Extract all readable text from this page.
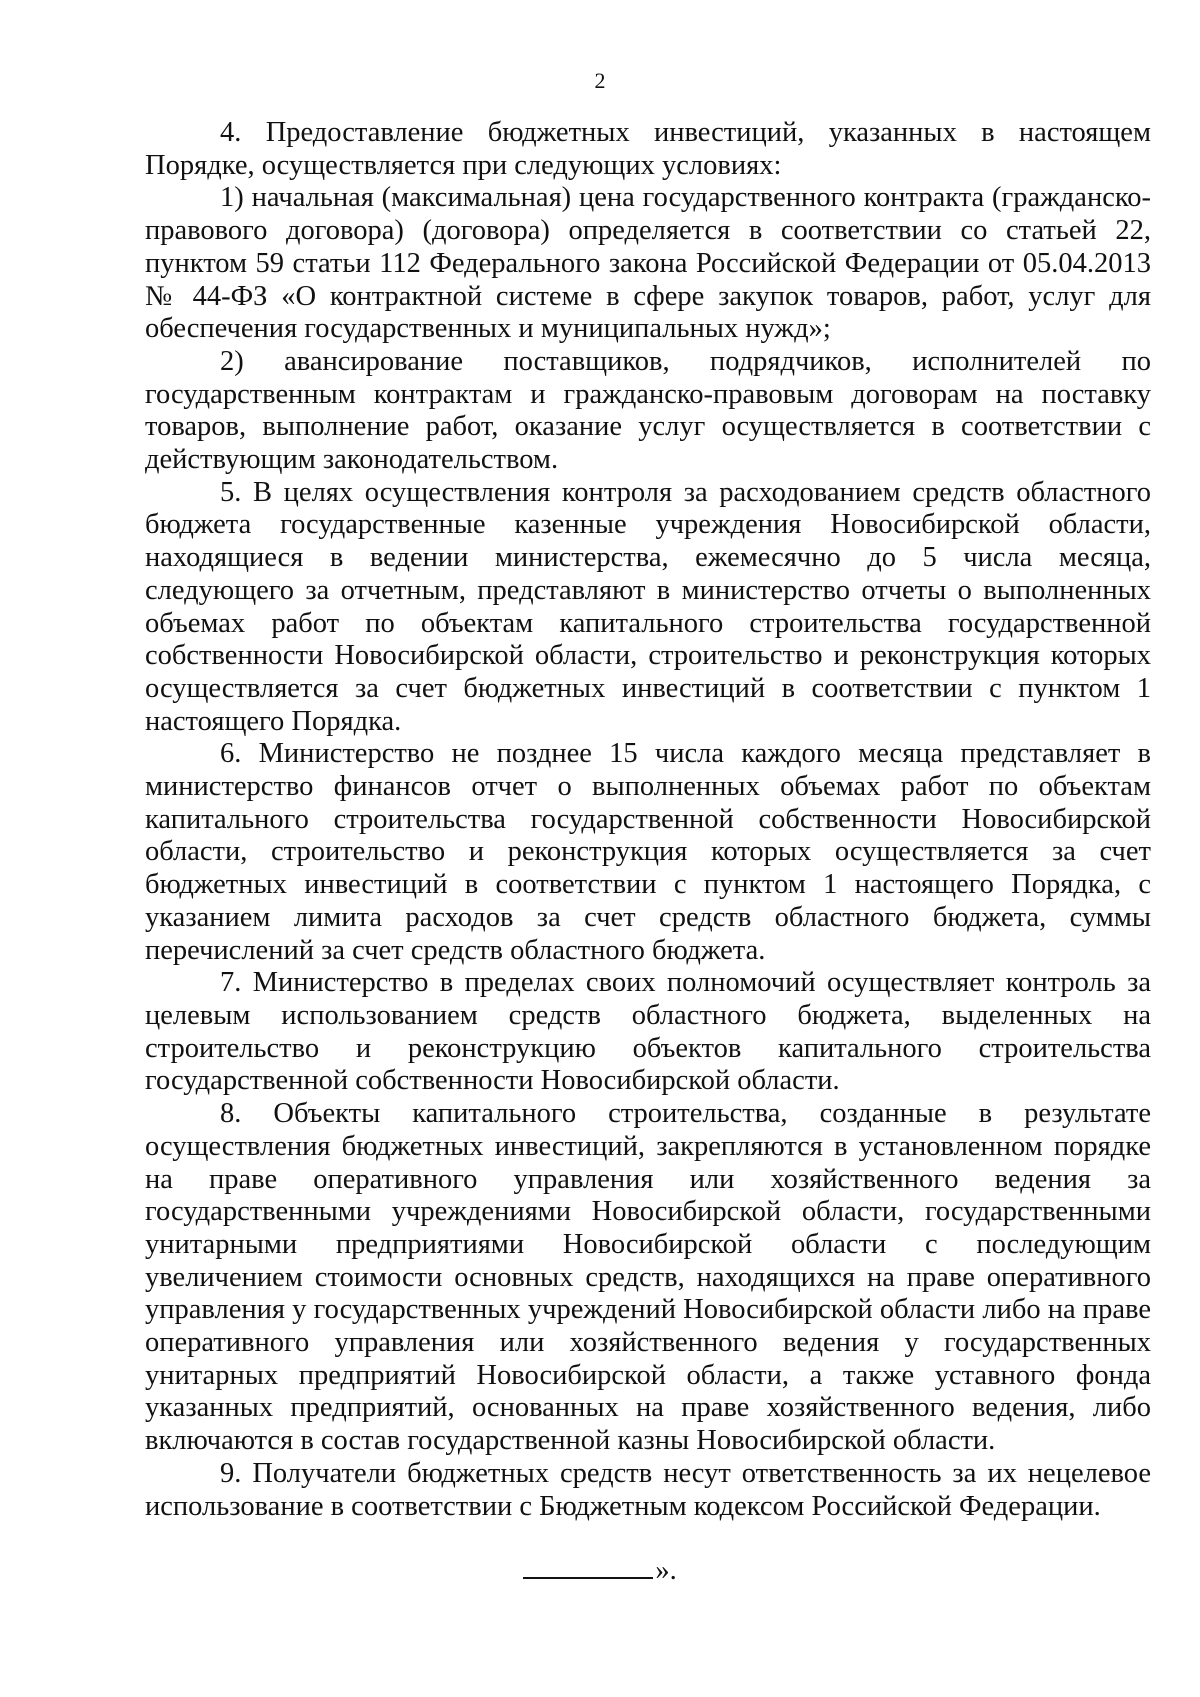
2

4. Предоставление бюджетных инвестиций, указанных в настоящем Порядке, осуществляется при следующих условиях:

1) начальная (максимальная) цена государственного контракта (гражданско-правового договора) (договора) определяется в соответствии со статьей 22, пунктом 59 статьи 112 Федерального закона Российской Федерации от 05.04.2013 № 44-ФЗ «О контрактной системе в сфере закупок товаров, работ, услуг для обеспечения государственных и муниципальных нужд»;

2) авансирование поставщиков, подрядчиков, исполнителей по государственным контрактам и гражданско-правовым договорам на поставку товаров, выполнение работ, оказание услуг осуществляется в соответствии с действующим законодательством.

5. В целях осуществления контроля за расходованием средств областного бюджета государственные казенные учреждения Новосибирской области, находящиеся в ведении министерства, ежемесячно до 5 числа месяца, следующего за отчетным, представляют в министерство отчеты о выполненных объемах работ по объектам капитального строительства государственной собственности Новосибирской области, строительство и реконструкция которых осуществляется за счет бюджетных инвестиций в соответствии с пунктом 1 настоящего Порядка.

6. Министерство не позднее 15 числа каждого месяца представляет в министерство финансов отчет о выполненных объемах работ по объектам капитального строительства государственной собственности Новосибирской области, строительство и реконструкция которых осуществляется за счет бюджетных инвестиций в соответствии с пунктом 1 настоящего Порядка, с указанием лимита расходов за счет средств областного бюджета, суммы перечислений за счет средств областного бюджета.

7. Министерство в пределах своих полномочий осуществляет контроль за целевым использованием средств областного бюджета, выделенных на строительство и реконструкцию объектов капитального строительства государственной собственности Новосибирской области.

8. Объекты капитального строительства, созданные в результате осуществления бюджетных инвестиций, закрепляются в установленном порядке на праве оперативного управления или хозяйственного ведения за государственными учреждениями Новосибирской области, государственными унитарными предприятиями Новосибирской области с последующим увеличением стоимости основных средств, находящихся на праве оперативного управления у государственных учреждений Новосибирской области либо на праве оперативного управления или хозяйственного ведения у государственных унитарных предприятий Новосибирской области, а также уставного фонда указанных предприятий, основанных на праве хозяйственного ведения, либо включаются в состав государственной казны Новосибирской области.

9. Получатели бюджетных средств несут ответственность за их нецелевое использование в соответствии с Бюджетным кодексом Российской Федерации.

».
